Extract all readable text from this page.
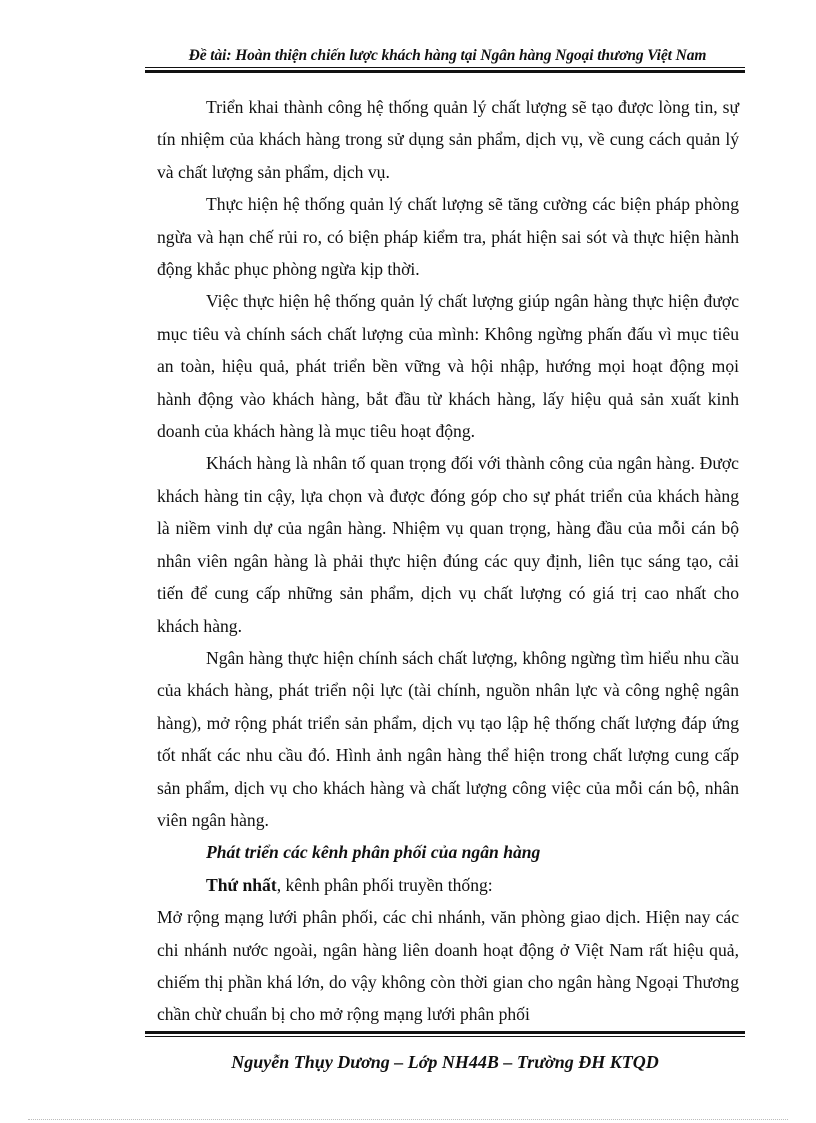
Đề tài: Hoàn thiện chiến lược khách hàng tại Ngân hàng Ngoại thương Việt Nam

Triển khai thành công hệ thống quản lý chất lượng sẽ tạo được lòng tin, sự tín nhiệm của khách hàng trong sử dụng sản phẩm, dịch vụ, về cung cách quản lý và chất lượng sản phẩm, dịch vụ.

Thực hiện hệ thống quản lý chất lượng sẽ tăng cường các biện pháp phòng ngừa và hạn chế rủi ro, có biện pháp kiểm tra, phát hiện sai sót và thực hiện hành động khắc phục phòng ngừa kịp thời.

Việc thực hiện hệ thống quản lý chất lượng giúp ngân hàng thực hiện được mục tiêu và chính sách chất lượng của mình: Không ngừng phấn đấu vì mục tiêu an toàn, hiệu quả, phát triển bền vững và hội nhập, hướng mọi hoạt động mọi hành động vào khách hàng, bắt đầu từ khách hàng, lấy hiệu quả sản xuất kinh doanh của khách hàng là mục tiêu hoạt động.

Khách hàng là nhân tố quan trọng đối với thành công của ngân hàng. Được khách hàng tin cậy, lựa chọn và được đóng góp cho sự phát triển của khách hàng là niềm vinh dự của ngân hàng. Nhiệm vụ quan trọng, hàng đầu của mỗi cán bộ nhân viên ngân hàng là phải thực hiện đúng các quy định, liên tục sáng tạo, cải tiến để cung cấp những sản phẩm, dịch vụ chất lượng có giá trị cao nhất cho khách hàng.

Ngân hàng thực hiện chính sách chất lượng, không ngừng tìm hiểu nhu cầu của khách hàng, phát triển nội lực (tài chính, nguồn nhân lực và công nghệ ngân hàng), mở rộng phát triển sản phẩm, dịch vụ tạo lập hệ thống chất lượng đáp ứng tốt nhất các nhu cầu đó. Hình ảnh ngân hàng thể hiện trong chất lượng cung cấp sản phẩm, dịch vụ cho khách hàng và chất lượng công việc của mỗi cán bộ, nhân viên ngân hàng.

Phát triển các kênh phân phối của ngân hàng

Thứ nhất, kênh phân phối truyền thống:

Mở rộng mạng lưới phân phối, các chi nhánh, văn phòng giao dịch. Hiện nay các chi nhánh nước ngoài, ngân hàng liên doanh hoạt động ở Việt Nam rất hiệu quả, chiếm thị phần khá lớn, do vậy không còn thời gian cho ngân hàng Ngoại Thương chần chừ chuẩn bị cho mở rộng mạng lưới phân phối

Nguyễn Thụy Dương – Lớp NH44B – Trường ĐH KTQD
